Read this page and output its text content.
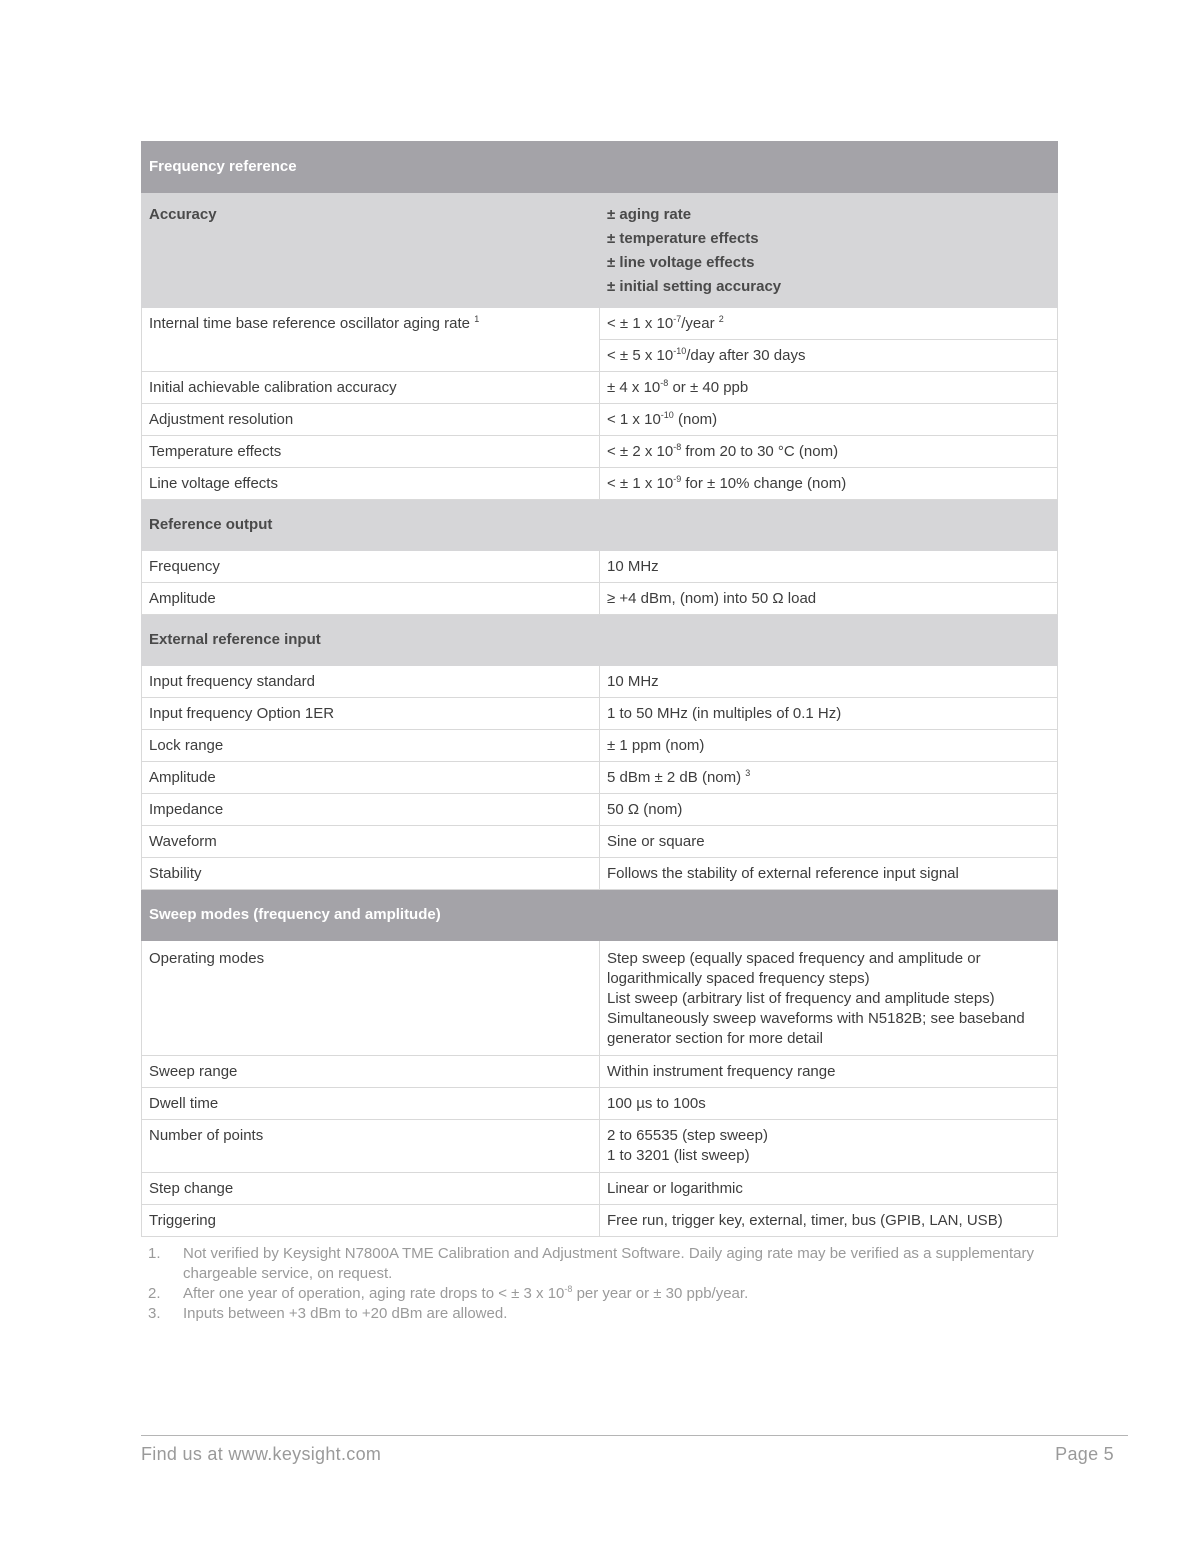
Frequency reference	
Accuracy	± aging rate
± temperature effects
± line voltage effects
± initial setting accuracy

Internal time base reference oscillator aging rate $^1$	< ± 1 x $10^{-7}$/year $^2$
	< ± 5 x $10^{-10}$/day after 30 days
Initial achievable calibration accuracy	± 4 x $10^{-8}$ or ± 40 ppb
Adjustment resolution	< 1 x $10^{-10}$ (nom)
Temperature effects	< ± 2 x $10^{-8}$ from 20 to 30 °C (nom)
Line voltage effects	< ± 1 x $10^{-9}$ for ± 10% change (nom)
Reference output	
Frequency	10 MHz
Amplitude	≥ +4 dBm, (nom) into 50 Ω load
External reference input	
Input frequency standard	10 MHz
Input frequency Option 1ER	1 to 50 MHz (in multiples of 0.1 Hz)
Lock range	± 1 ppm (nom)
Amplitude	5 dBm ± 2 dB (nom) $^3$
Impedance	50 Ω (nom)
Waveform	Sine or square
Stability	Follows the stability of external reference input signal
Sweep modes (frequency and amplitude)	
Operating modes	Step sweep (equally spaced frequency and amplitude or logarithmically spaced frequency steps)
List sweep (arbitrary list of frequency and amplitude steps)
Simultaneously sweep waveforms with N5182B; see baseband generator section for more detail

Sweep range	Within instrument frequency range
Dwell time	100 µs to 100s
Number of points	2 to 65535 (step sweep)
1 to 3201 (list sweep)

Step change	Linear or logarithmic
Triggering	Free run, trigger key, external, timer, bus (GPIB, LAN, USB)
1.	Not verified by Keysight N7800A TME Calibration and Adjustment Software. Daily aging rate may be verified as a supplementary chargeable service, on request.
2.	After one year of operation, aging rate drops to < ± 3 x $10^{-8}$ per year or ± 30 ppb/year.
3.	Inputs between +3 dBm to +20 dBm are allowed.
Find us at www.keysight.com	Page 5
